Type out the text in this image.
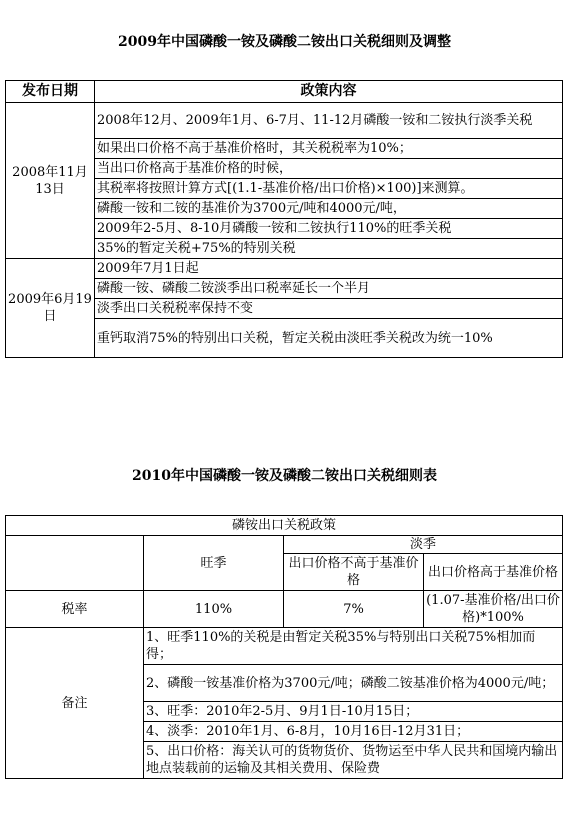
2009年中国磷酸一铵及磷酸二铵出口关税细则及调整
发布日期	政策内容
2008年11月13日	2008年12月、2009年1月、6-7月、11-12月磷酸一铵和二铵执行淡季关税
	如果出口价格不高于基准价格时，其关税税率为10%；
	当出口价格高于基准价格的时候，
	其税率将按照计算方式[(1.1-基准价格/出口价格)×100)]来测算。
	磷酸一铵和二铵的基准价为3700元/吨和4000元/吨，
	2009年2-5月、8-10月磷酸一铵和二铵执行110%的旺季关税
	35%的暂定关税+75%的特别关税
2009年6月19日	2009年7月1日起
	磷酸一铵、磷酸二铵淡季出口税率延长一个半月
	淡季出口关税税率保持不变
	重钙取消75%的特别出口关税，暂定关税由淡旺季关税改为统一10%
2010年中国磷酸一铵及磷酸二铵出口关税细则表
磷铵出口关税政策			
	旺季	淡季	
		出口价格不高于基准价格	出口价格高于基准价格
税率	110%	7%	(1.07-基准价格/出口价格)*100%
备注	1、旺季110%的关税是由暂定关税35%与特别出口关税75%相加而得；		
	2、磷酸一铵基准价格为3700元/吨；磷酸二铵基准价格为4000元/吨；		
	3、旺季：2010年2-5月、9月1日-10月15日；		
	4、淡季：2010年1月、6-8月，10月16日-12月31日；		
	5、出口价格：海关认可的货物货价、货物运至中华人民共和国境内输出地点装载前的运输及其相关费用、保险费		
